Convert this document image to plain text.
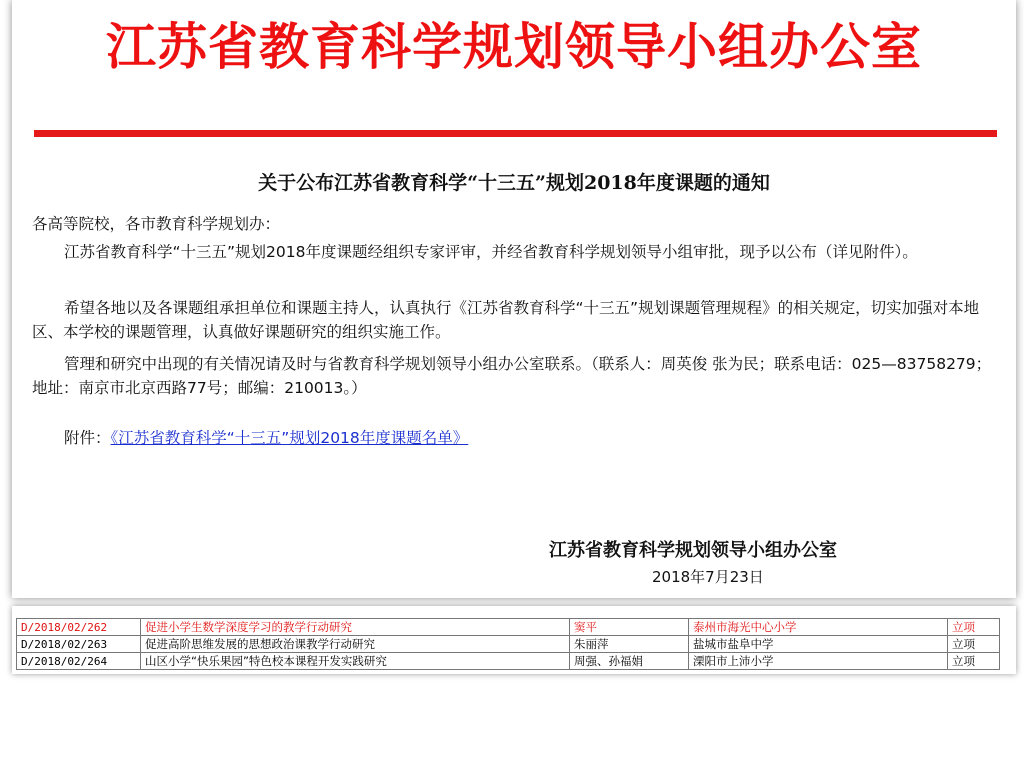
江苏省教育科学规划领导小组办公室
关于公布江苏省教育科学“十三五”规划2018年度课题的通知
各高等院校，各市教育科学规划办：
江苏省教育科学“十三五”规划2018年度课题经组织专家评审，并经省教育科学规划领导小组审批，现予以公布（详见附件）。
希望各地以及各课题组承担单位和课题主持人，认真执行《江苏省教育科学“十三五”规划课题管理规程》的相关规定，切实加强对本地区、本学校的课题管理，认真做好课题研究的组织实施工作。
管理和研究中出现的有关情况请及时与省教育科学规划领导小组办公室联系。（联系人：周英俊 张为民；联系电话：025—83758279；地址：南京市北京西路77号；邮编：210013。）
附件：《江苏省教育科学“十三五”规划2018年度课题名单》
江苏省教育科学规划领导小组办公室
2018年7月23日
D/2018/02/262	促进小学生数学深度学习的教学行动研究	窦平	泰州市海光中心小学	立项
D/2018/02/263	促进高阶思维发展的思想政治课教学行动研究	朱丽萍	盐城市盐阜中学	立项
D/2018/02/264	山区小学“快乐果园”特色校本课程开发实践研究	周强、孙福娟	溧阳市上沛小学	立项
